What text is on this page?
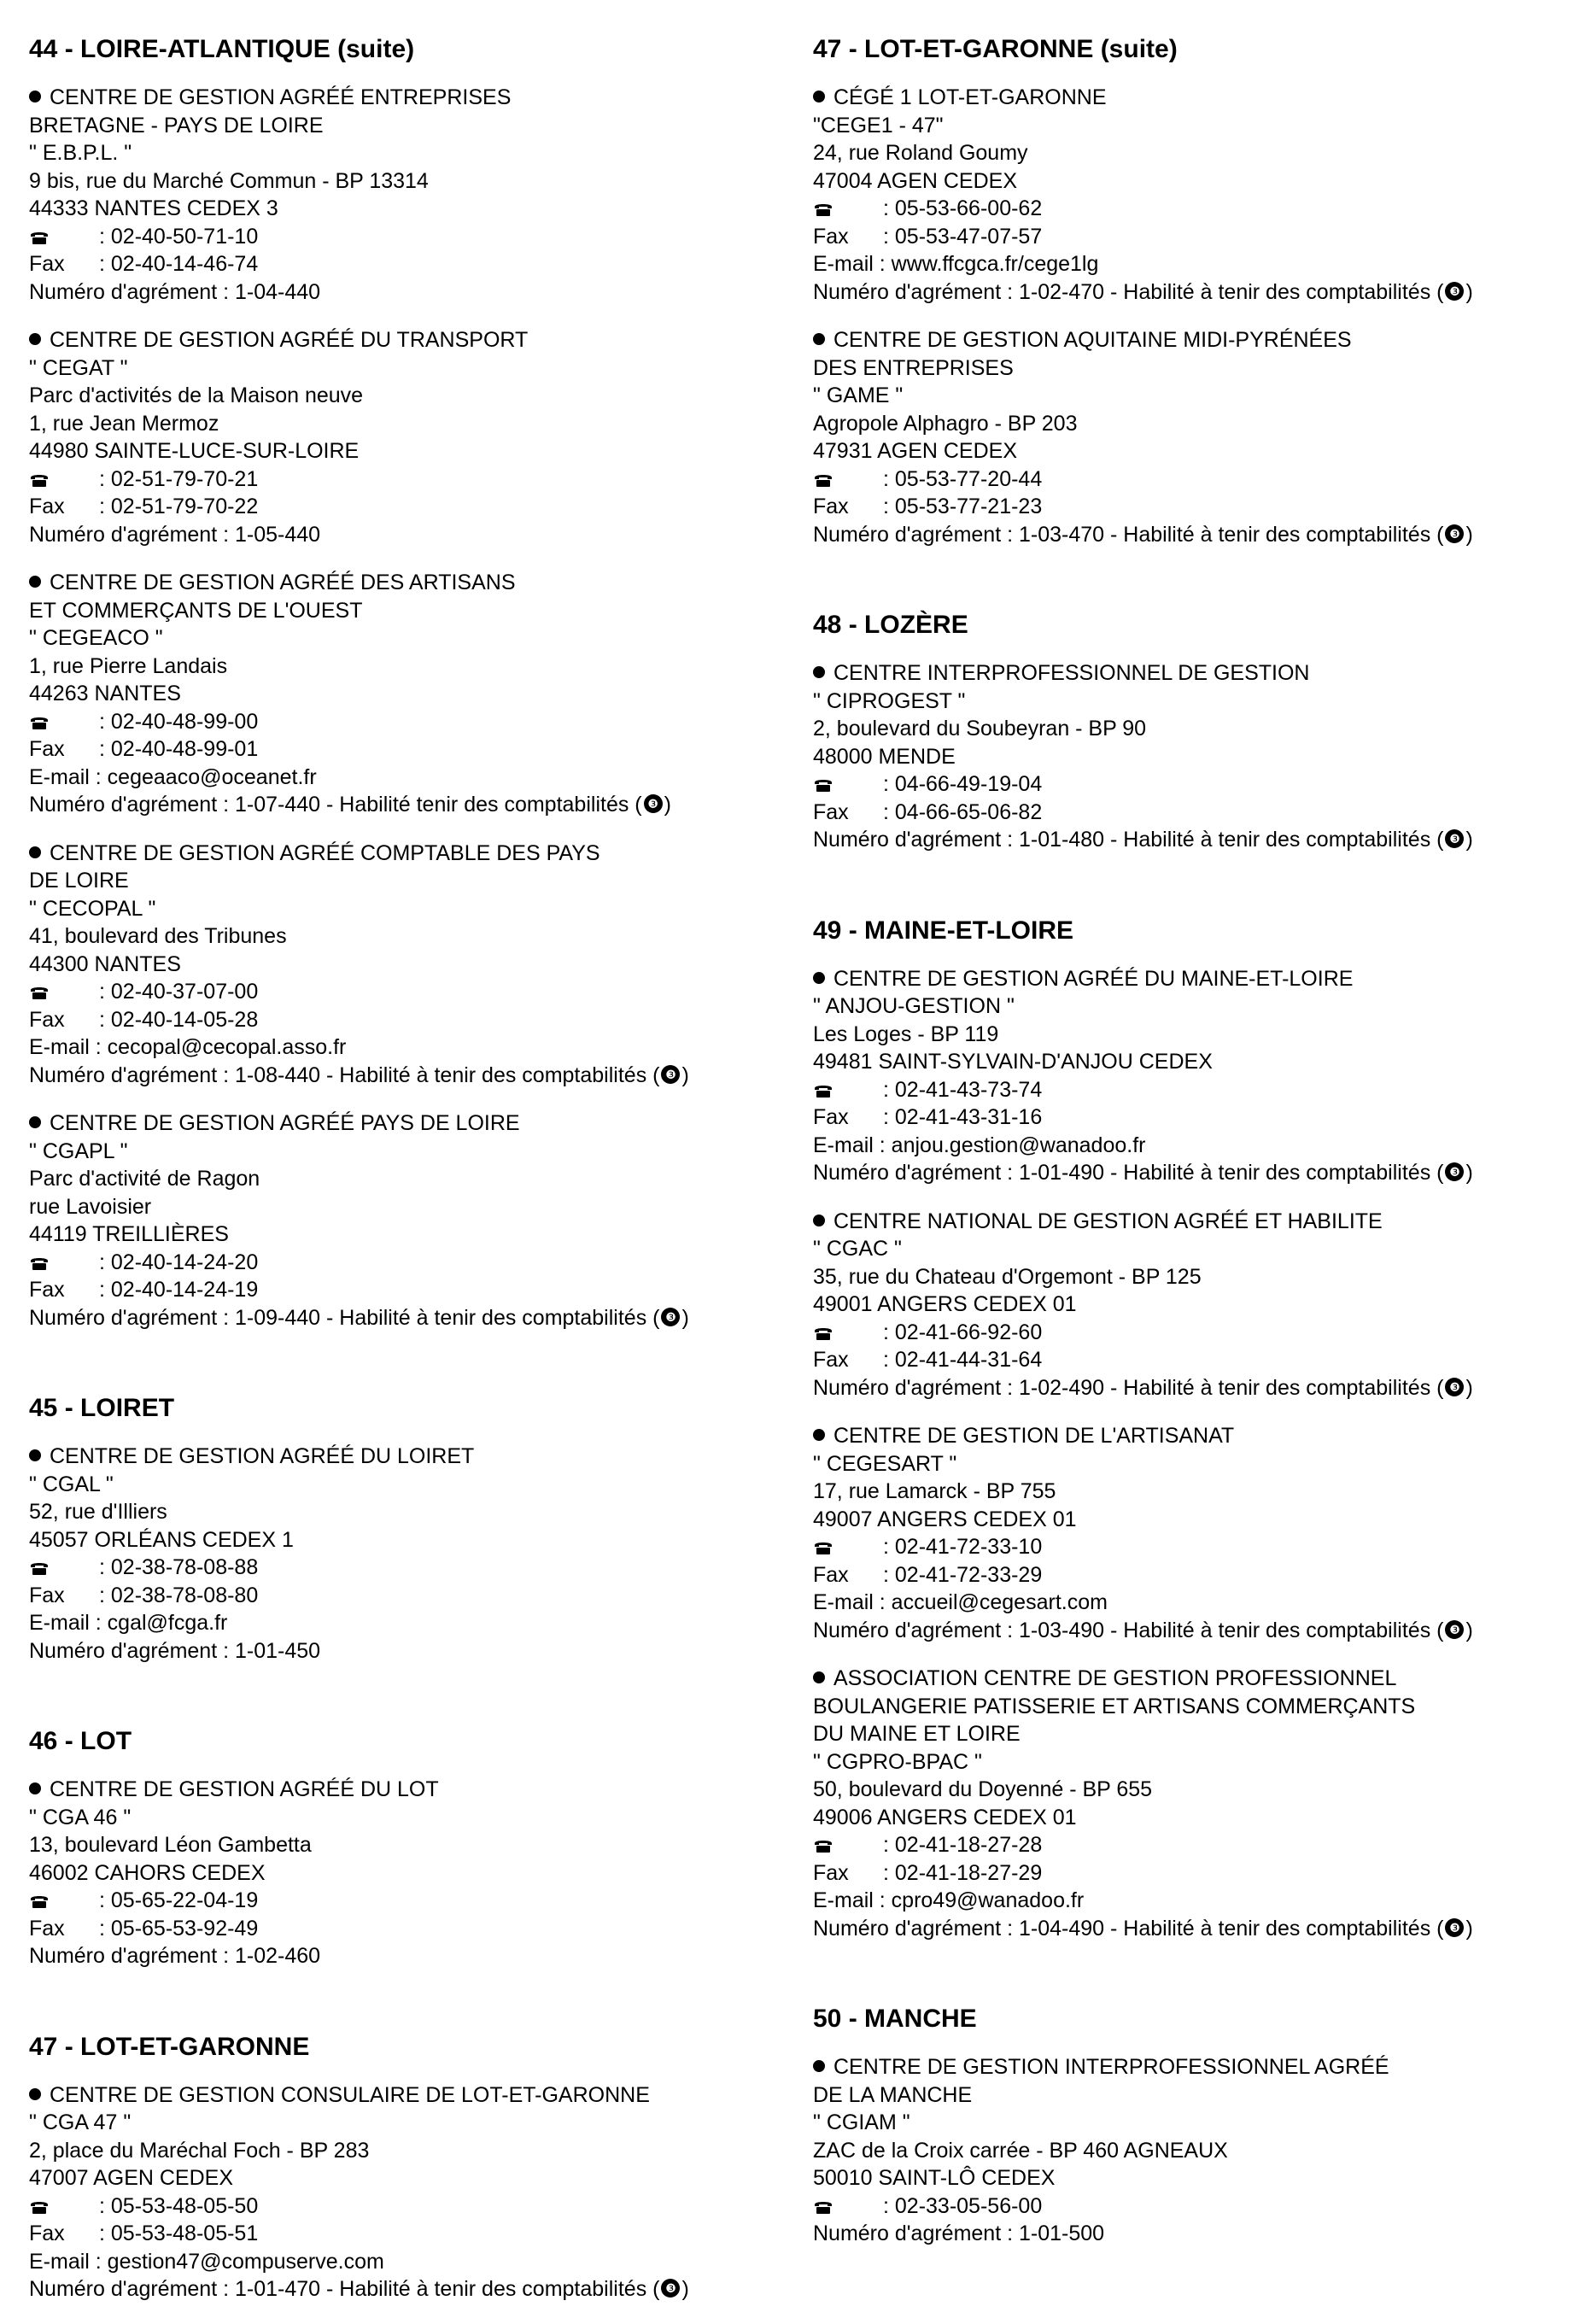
44 - LOIRE-ATLANTIQUE (suite)
CENTRE DE GESTION AGRÉÉ ENTREPRISES
BRETAGNE - PAYS DE LOIRE
" E.B.P.L. "
9 bis, rue du Marché Commun - BP 13314
44333 NANTES CEDEX 3
: 02-40-50-71-10
Fax : 02-40-14-46-74
Numéro d'agrément : 1-04-440
CENTRE DE GESTION AGRÉÉ DU TRANSPORT
" CEGAT "
Parc d'activités de la Maison neuve
1, rue Jean Mermoz
44980 SAINTE-LUCE-SUR-LOIRE
: 02-51-79-70-21
Fax : 02-51-79-70-22
Numéro d'agrément : 1-05-440
CENTRE DE GESTION AGRÉÉ DES ARTISANS
ET COMMERÇANTS DE L'OUEST
" CEGEACO "
1, rue Pierre Landais
44263 NANTES
: 02-40-48-99-00
Fax : 02-40-48-99-01
E-mail : cegeaaco@oceanet.fr
Numéro d'agrément : 1-07-440 - Habilité tenir des comptabilités ( ❸ )
CENTRE DE GESTION AGRÉÉ COMPTABLE DES PAYS
DE LOIRE
" CECOPAL "
41, boulevard des Tribunes
44300 NANTES
: 02-40-37-07-00
Fax : 02-40-14-05-28
E-mail : cecopal@cecopal.asso.fr
Numéro d'agrément : 1-08-440 - Habilité à tenir des comptabilités ( ❸ )
CENTRE DE GESTION AGRÉÉ PAYS DE LOIRE
" CGAPL "
Parc d'activité de Ragon
rue Lavoisier
44119 TREILLIÈRES
: 02-40-14-24-20
Fax : 02-40-14-24-19
Numéro d'agrément : 1-09-440 - Habilité à tenir des comptabilités ( ❸ )
45 - LOIRET
CENTRE DE GESTION AGRÉÉ DU LOIRET
" CGAL "
52, rue d'Illiers
45057 ORLÉANS CEDEX 1
: 02-38-78-08-88
Fax : 02-38-78-08-80
E-mail : cgal@fcga.fr
Numéro d'agrément : 1-01-450
46 - LOT
CENTRE DE GESTION AGRÉÉ DU LOT
" CGA 46 "
13, boulevard Léon Gambetta
46002 CAHORS CEDEX
: 05-65-22-04-19
Fax : 05-65-53-92-49
Numéro d'agrément : 1-02-460
47 - LOT-ET-GARONNE
CENTRE DE GESTION CONSULAIRE DE LOT-ET-GARONNE
" CGA 47 "
2, place du Maréchal Foch - BP 283
47007 AGEN CEDEX
: 05-53-48-05-50
Fax : 05-53-48-05-51
E-mail : gestion47@compuserve.com
Numéro d'agrément : 1-01-470 - Habilité à tenir des comptabilités ( ❸ )
47 - LOT-ET-GARONNE (suite)
CÉGÉ 1 LOT-ET-GARONNE
"CEGE1 - 47"
24, rue Roland Goumy
47004 AGEN CEDEX
: 05-53-66-00-62
Fax : 05-53-47-07-57
E-mail : www.ffcgca.fr/cege1lg
Numéro d'agrément : 1-02-470 - Habilité à tenir des comptabilités ( ❸ )
CENTRE DE GESTION AQUITAINE MIDI-PYRÉNÉES
DES ENTREPRISES
" GAME "
Agropole Alphagro - BP 203
47931 AGEN CEDEX
: 05-53-77-20-44
Fax : 05-53-77-21-23
Numéro d'agrément : 1-03-470 - Habilité à tenir des comptabilités ( ❸ )
48 - LOZÈRE
CENTRE INTERPROFESSIONNEL DE GESTION
" CIPROGEST "
2, boulevard du Soubeyran - BP 90
48000 MENDE
: 04-66-49-19-04
Fax : 04-66-65-06-82
Numéro d'agrément : 1-01-480 - Habilité à tenir des comptabilités ( ❸ )
49 - MAINE-ET-LOIRE
CENTRE DE GESTION AGRÉÉ DU MAINE-ET-LOIRE
" ANJOU-GESTION "
Les Loges - BP 119
49481 SAINT-SYLVAIN-D'ANJOU CEDEX
: 02-41-43-73-74
Fax : 02-41-43-31-16
E-mail : anjou.gestion@wanadoo.fr
Numéro d'agrément : 1-01-490 - Habilité à tenir des comptabilités ( ❸ )
CENTRE NATIONAL DE GESTION AGRÉÉ ET HABILITE
" CGAC "
35, rue du Chateau d'Orgemont - BP 125
49001 ANGERS CEDEX 01
: 02-41-66-92-60
Fax : 02-41-44-31-64
Numéro d'agrément : 1-02-490 - Habilité à tenir des comptabilités ( ❸ )
CENTRE DE GESTION DE L'ARTISANAT
" CEGESART "
17, rue Lamarck - BP 755
49007 ANGERS CEDEX 01
: 02-41-72-33-10
Fax : 02-41-72-33-29
E-mail : accueil@cegesart.com
Numéro d'agrément : 1-03-490 - Habilité à tenir des comptabilités ( ❸ )
ASSOCIATION CENTRE DE GESTION PROFESSIONNEL
BOULANGERIE PATISSERIE ET ARTISANS COMMERÇANTS
DU MAINE ET LOIRE
" CGPRO-BPAC "
50, boulevard du Doyenné - BP 655
49006 ANGERS CEDEX 01
: 02-41-18-27-28
Fax : 02-41-18-27-29
E-mail : cpro49@wanadoo.fr
Numéro d'agrément : 1-04-490 - Habilité à tenir des comptabilités ( ❸ )
50 - MANCHE
CENTRE DE GESTION INTERPROFESSIONNEL AGRÉÉ
DE LA MANCHE
" CGIAM "
ZAC de la Croix carrée - BP 460 AGNEAUX
50010 SAINT-LÔ CEDEX
: 02-33-05-56-00
Numéro d'agrément : 1-01-500
